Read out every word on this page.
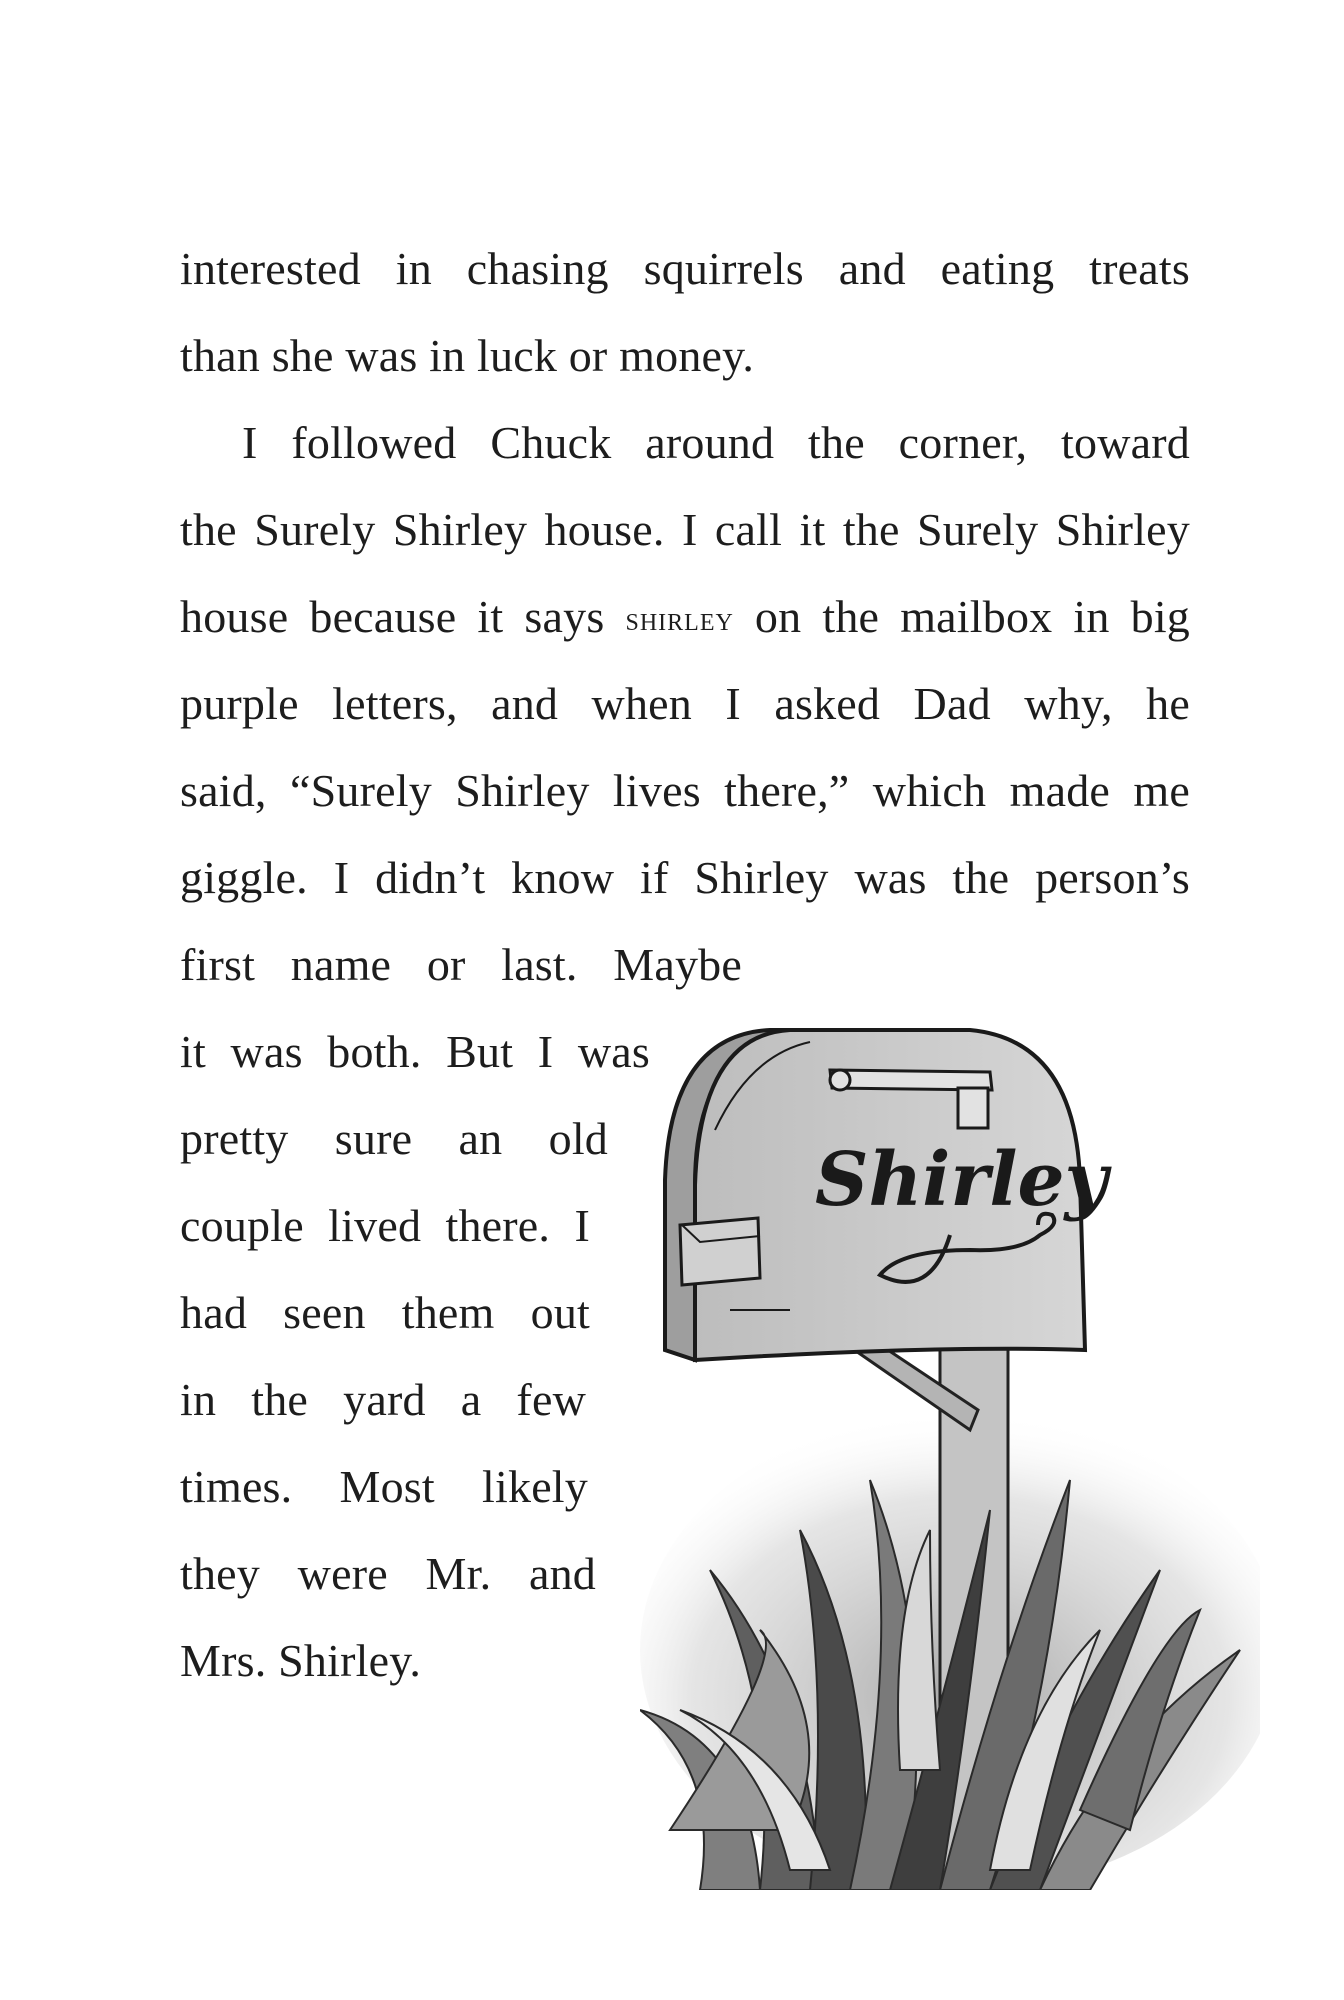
interested in chasing squirrels and eating treats
than she was in luck or money.
I followed Chuck around the corner, toward
the Surely Shirley house. I call it the Surely Shirley
house because it says SHIRLEY on the mailbox in big
purple letters, and when I asked Dad why, he
said, “Surely Shirley lives there,” which made me
giggle. I didn’t know if Shirley was the person’s
first name or last. Maybe
it was both. But I was
pretty sure an old
couple lived there. I
had seen them out
in the yard a few
times. Most likely
they were Mr. and
Mrs. Shirley.
Shirley
